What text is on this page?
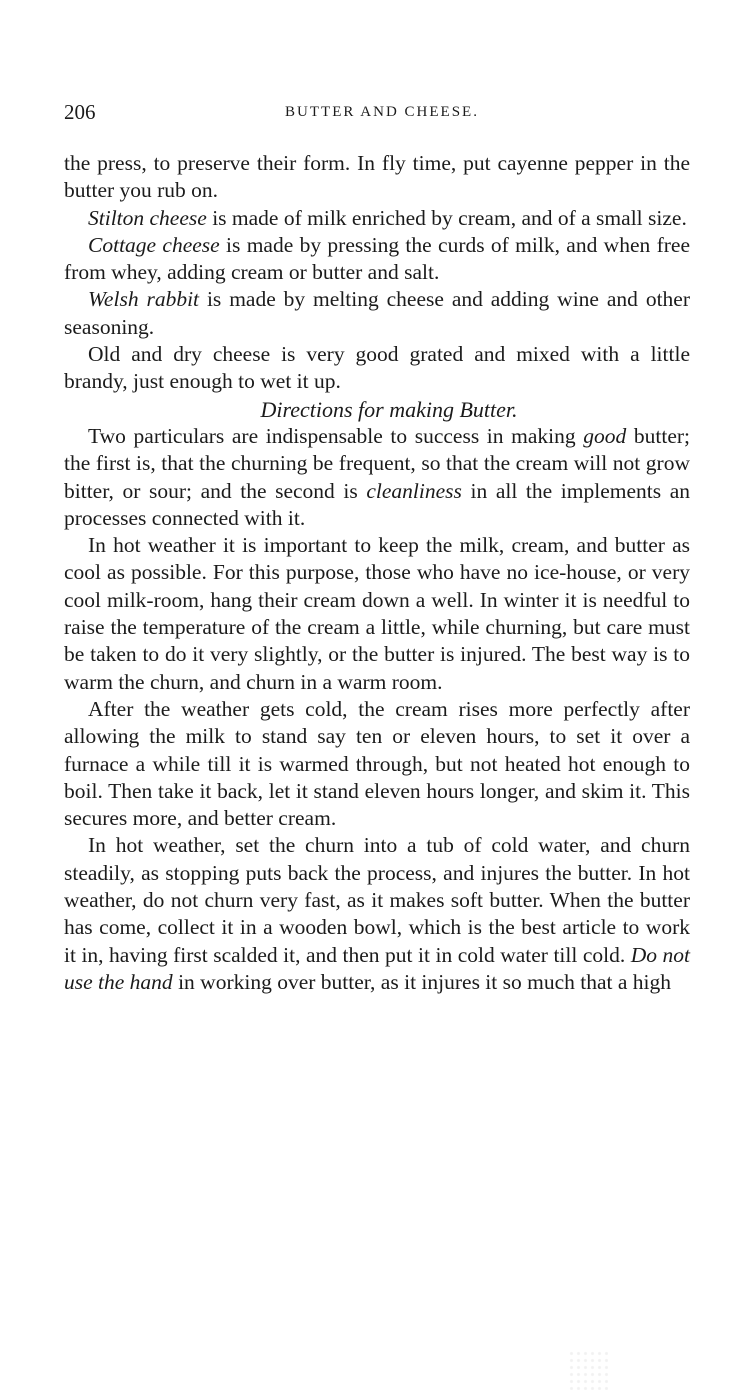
206	BUTTER AND CHEESE.

the press, to preserve their form. In fly time, put cayenne pepper in the butter you rub on.

Stilton cheese is made of milk enriched by cream, and of a small size.

Cottage cheese is made by pressing the curds of milk, and when free from whey, adding cream or butter and salt.

Welsh rabbit is made by melting cheese and adding wine and other seasoning.

Old and dry cheese is very good grated and mixed with a little brandy, just enough to wet it up.

Directions for making Butter.

Two particulars are indispensable to success in making good butter; the first is, that the churning be frequent, so that the cream will not grow bitter, or sour; and the second is cleanliness in all the implements an processes connected with it.

In hot weather it is important to keep the milk, cream, and butter as cool as possible. For this purpose, those who have no ice-house, or very cool milk-room, hang their cream down a well. In winter it is needful to raise the temperature of the cream a little, while churning, but care must be taken to do it very slightly, or the butter is injured. The best way is to warm the churn, and churn in a warm room.

After the weather gets cold, the cream rises more perfectly after allowing the milk to stand say ten or eleven hours, to set it over a furnace a while till it is warmed through, but not heated hot enough to boil. Then take it back, let it stand eleven hours longer, and skim it. This secures more, and better cream.

In hot weather, set the churn into a tub of cold water, and churn steadily, as stopping puts back the process, and injures the butter. In hot weather, do not churn very fast, as it makes soft butter. When the butter has come, collect it in a wooden bowl, which is the best article to work it in, having first scalded it, and then put it in cold water till cold. Do not use the hand in working over butter, as it injures it so much that a high
